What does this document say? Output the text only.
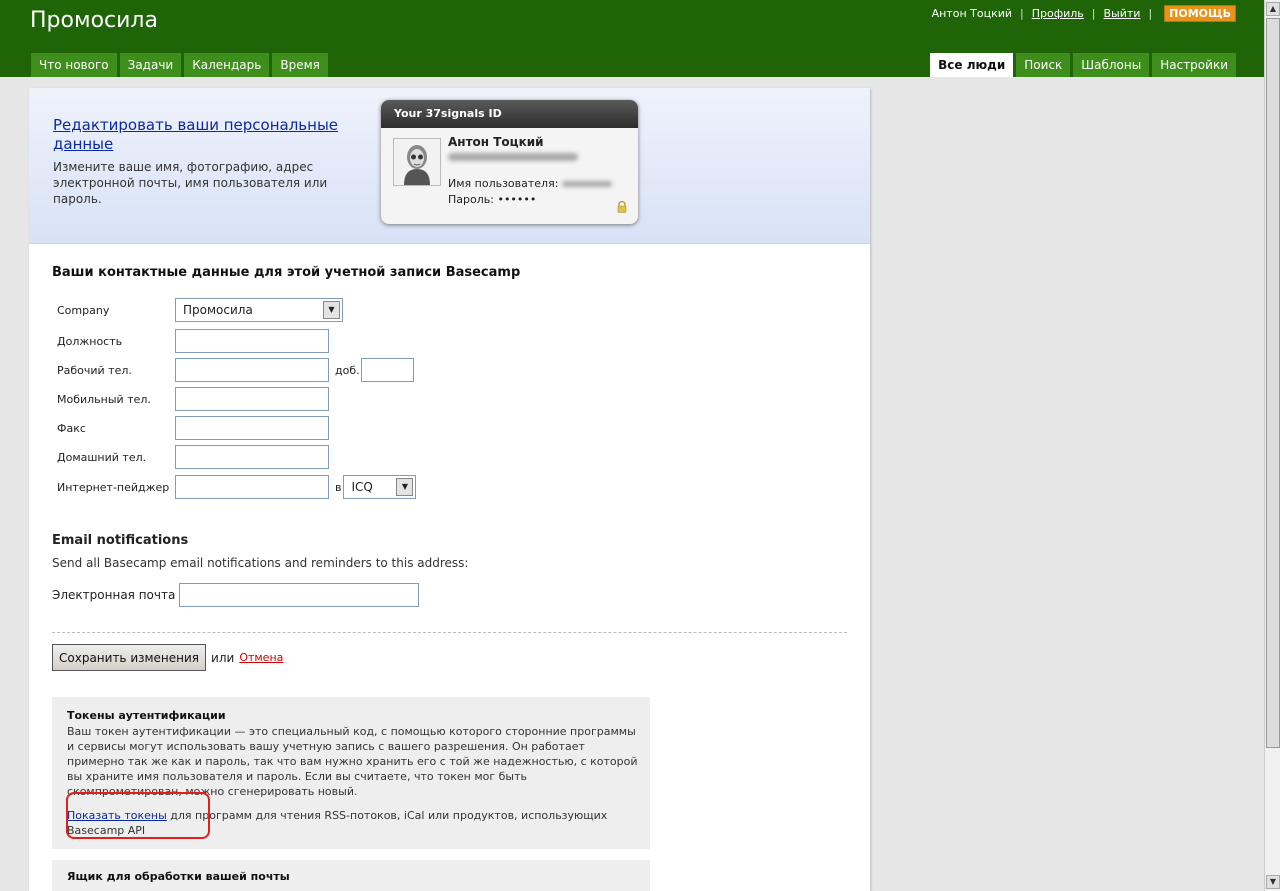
Промосила	Антон Тоцкий | Профиль | Выйти |	ПОМОЩЬ
Что нового	Задачи	Календарь	Время	Все люди	Поиск	Шаблоны	Настройки
▲
▼
Редактировать ваши персональные данные
Измените ваше имя, фотографию, адрес электронной почты, имя пользователя или пароль.
Your 37signals ID
Антон Тоцкий
Имя пользователя:
Пароль: ••••••
Ваши контактные данные для этой учетной записи Basecamp
Company	Промосила	▼
Должность
Рабочий тел.	доб.
Мобильный тел.
Факс
Домашний тел.
Интернет-пейджер	в ICQ	▼
Email notifications
Send all Basecamp email notifications and reminders to this address:
Электронная почта
Сохранить изменения	или Отмена
Токены аутентификации
Ваш токен аутентификации — это специальный код, с помощью которого сторонние программы и сервисы могут использовать вашу учетную запись с вашего разрешения. Он работает примерно так же как и пароль, так что вам нужно хранить его с той же надежностью, с которой вы храните имя пользователя и пароль. Если вы считаете, что токен мог быть скомпрометирован, можно сгенерировать новый.
Показать токены для программ для чтения RSS-потоков, iCal или продуктов, использующих Basecamp API
Ящик для обработки вашей почты
